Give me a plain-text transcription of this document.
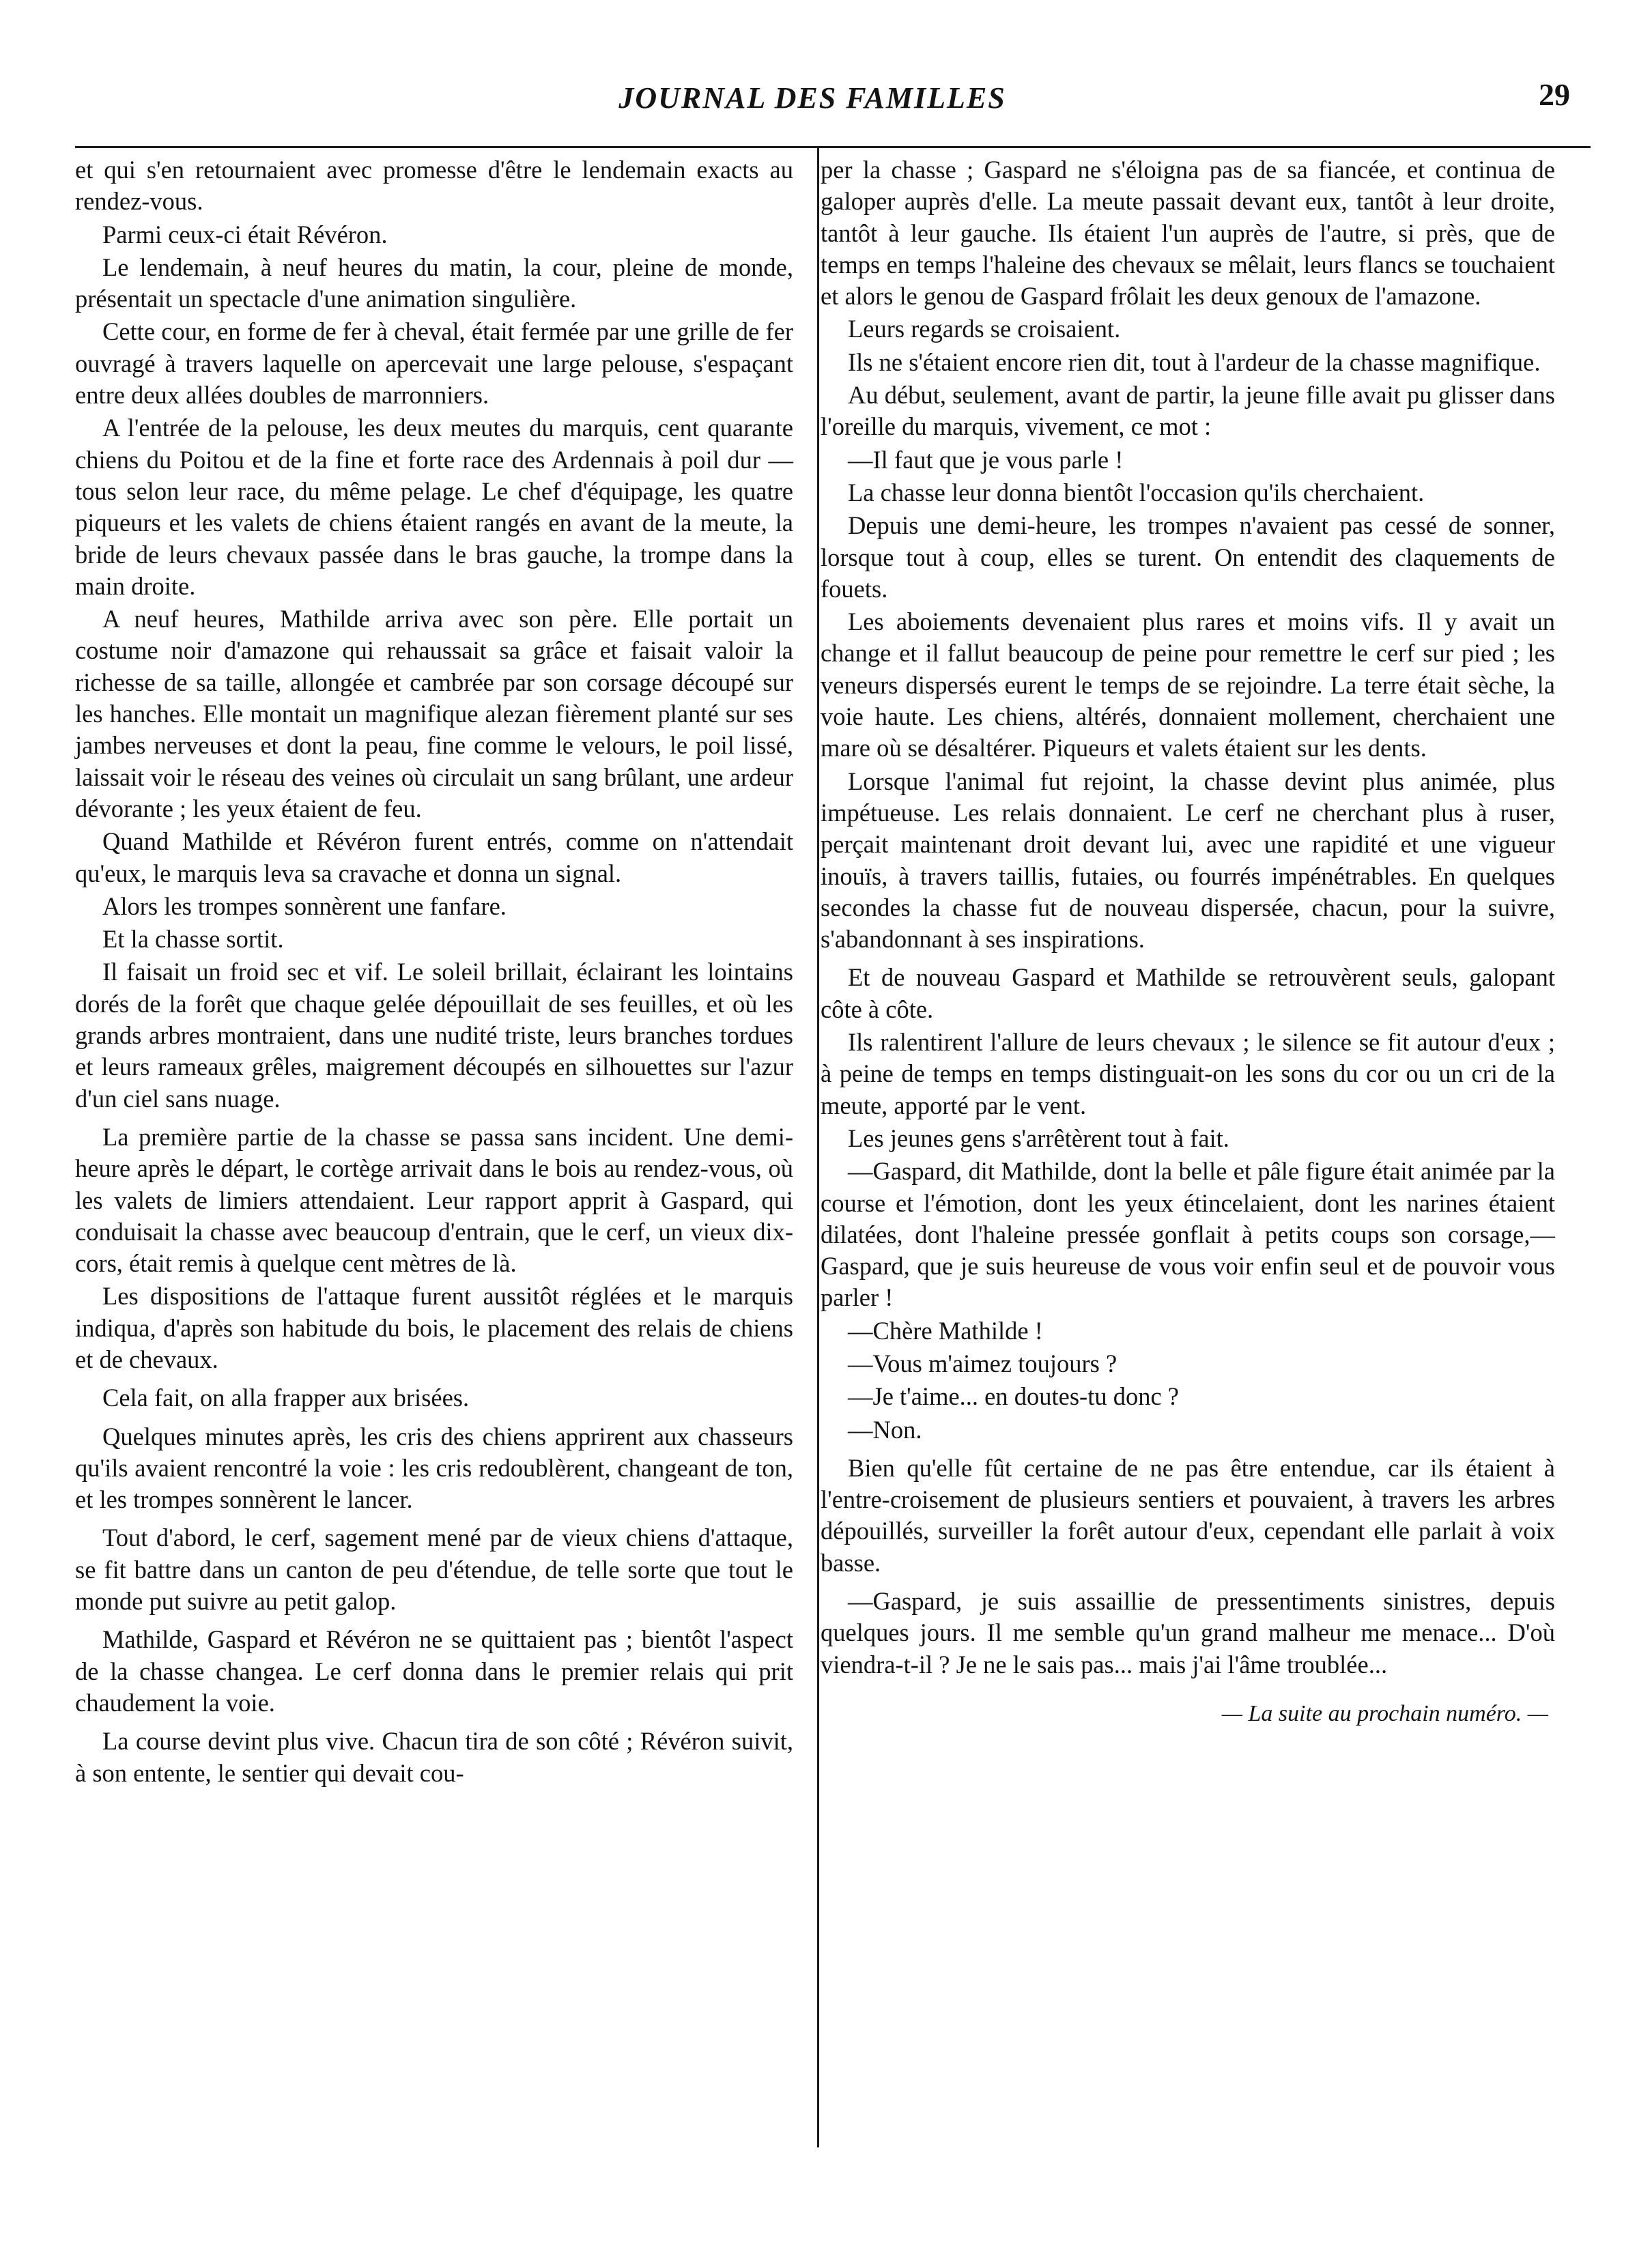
JOURNAL DES FAMILLES	29

et qui s'en retournaient avec promesse d'être le lendemain exacts au rendez-vous.

Parmi ceux-ci était Révéron.

Le lendemain, à neuf heures du matin, la cour, pleine de monde, présentait un spectacle d'une animation singulière.

Cette cour, en forme de fer à cheval, était fermée par une grille de fer ouvragé à travers laquelle on apercevait une large pelouse, s'espaçant entre deux allées doubles de marronniers.

A l'entrée de la pelouse, les deux meutes du marquis, cent quarante chiens du Poitou et de la fine et forte race des Ardennais à poil dur — tous selon leur race, du même pelage. Le chef d'équipage, les quatre piqueurs et les valets de chiens étaient rangés en avant de la meute, la bride de leurs chevaux passée dans le bras gauche, la trompe dans la main droite.

A neuf heures, Mathilde arriva avec son père. Elle portait un costume noir d'amazone qui rehaussait sa grâce et faisait valoir la richesse de sa taille, allongée et cambrée par son corsage découpé sur les hanches. Elle montait un magnifique alezan fièrement planté sur ses jambes nerveuses et dont la peau, fine comme le velours, le poil lissé, laissait voir le réseau des veines où circulait un sang brûlant, une ardeur dévorante ; les yeux étaient de feu.

Quand Mathilde et Révéron furent entrés, comme on n'attendait qu'eux, le marquis leva sa cravache et donna un signal.

Alors les trompes sonnèrent une fanfare.

Et la chasse sortit.

Il faisait un froid sec et vif. Le soleil brillait, éclairant les lointains dorés de la forêt que chaque gelée dépouillait de ses feuilles, et où les grands arbres montraient, dans une nudité triste, leurs branches tordues et leurs rameaux grêles, maigrement découpés en silhouettes sur l'azur d'un ciel sans nuage.

La première partie de la chasse se passa sans incident. Une demi-heure après le départ, le cortège arrivait dans le bois au rendez-vous, où les valets de limiers attendaient. Leur rapport apprit à Gaspard, qui conduisait la chasse avec beaucoup d'entrain, que le cerf, un vieux dix-cors, était remis à quelque cent mètres de là.

Les dispositions de l'attaque furent aussitôt réglées et le marquis indiqua, d'après son habitude du bois, le placement des relais de chiens et de chevaux.

Cela fait, on alla frapper aux brisées.

Quelques minutes après, les cris des chiens apprirent aux chasseurs qu'ils avaient rencontré la voie : les cris redoublèrent, changeant de ton, et les trompes sonnèrent le lancer.

Tout d'abord, le cerf, sagement mené par de vieux chiens d'attaque, se fit battre dans un canton de peu d'étendue, de telle sorte que tout le monde put suivre au petit galop.

Mathilde, Gaspard et Révéron ne se quittaient pas ; bientôt l'aspect de la chasse changea. Le cerf donna dans le premier relais qui prit chaudement la voie.

La course devint plus vive. Chacun tira de son côté ; Révéron suivit, à son entente, le sentier qui devait cou-

per la chasse ; Gaspard ne s'éloigna pas de sa fiancée, et continua de galoper auprès d'elle. La meute passait devant eux, tantôt à leur droite, tantôt à leur gauche. Ils étaient l'un auprès de l'autre, si près, que de temps en temps l'haleine des chevaux se mêlait, leurs flancs se touchaient et alors le genou de Gaspard frôlait les deux genoux de l'amazone.

Leurs regards se croisaient.

Ils ne s'étaient encore rien dit, tout à l'ardeur de la chasse magnifique.

Au début, seulement, avant de partir, la jeune fille avait pu glisser dans l'oreille du marquis, vivement, ce mot :

—Il faut que je vous parle !

La chasse leur donna bientôt l'occasion qu'ils cherchaient.

Depuis une demi-heure, les trompes n'avaient pas cessé de sonner, lorsque tout à coup, elles se turent. On entendit des claquements de fouets.

Les aboiements devenaient plus rares et moins vifs. Il y avait un change et il fallut beaucoup de peine pour remettre le cerf sur pied ; les veneurs dispersés eurent le temps de se rejoindre. La terre était sèche, la voie haute. Les chiens, altérés, donnaient mollement, cherchaient une mare où se désaltérer. Piqueurs et valets étaient sur les dents.

Lorsque l'animal fut rejoint, la chasse devint plus animée, plus impétueuse. Les relais donnaient. Le cerf ne cherchant plus à ruser, perçait maintenant droit devant lui, avec une rapidité et une vigueur inouïs, à travers taillis, futaies, ou fourrés impénétrables. En quelques secondes la chasse fut de nouveau dispersée, chacun, pour la suivre, s'abandonnant à ses inspirations.

Et de nouveau Gaspard et Mathilde se retrouvèrent seuls, galopant côte à côte.

Ils ralentirent l'allure de leurs chevaux ; le silence se fit autour d'eux ; à peine de temps en temps distinguait-on les sons du cor ou un cri de la meute, apporté par le vent.

Les jeunes gens s'arrêtèrent tout à fait.

—Gaspard, dit Mathilde, dont la belle et pâle figure était animée par la course et l'émotion, dont les yeux étincelaient, dont les narines étaient dilatées, dont l'haleine pressée gonflait à petits coups son corsage,— Gaspard, que je suis heureuse de vous voir enfin seul et de pouvoir vous parler !

—Chère Mathilde !

—Vous m'aimez toujours ?

—Je t'aime... en doutes-tu donc ?

—Non.

Bien qu'elle fût certaine de ne pas être entendue, car ils étaient à l'entre-croisement de plusieurs sentiers et pouvaient, à travers les arbres dépouillés, surveiller la forêt autour d'eux, cependant elle parlait à voix basse.

—Gaspard, je suis assaillie de pressentiments sinistres, depuis quelques jours. Il me semble qu'un grand malheur me menace... D'où viendra-t-il ? Je ne le sais pas... mais j'ai l'âme troublée...

— La suite au prochain numéro. —
